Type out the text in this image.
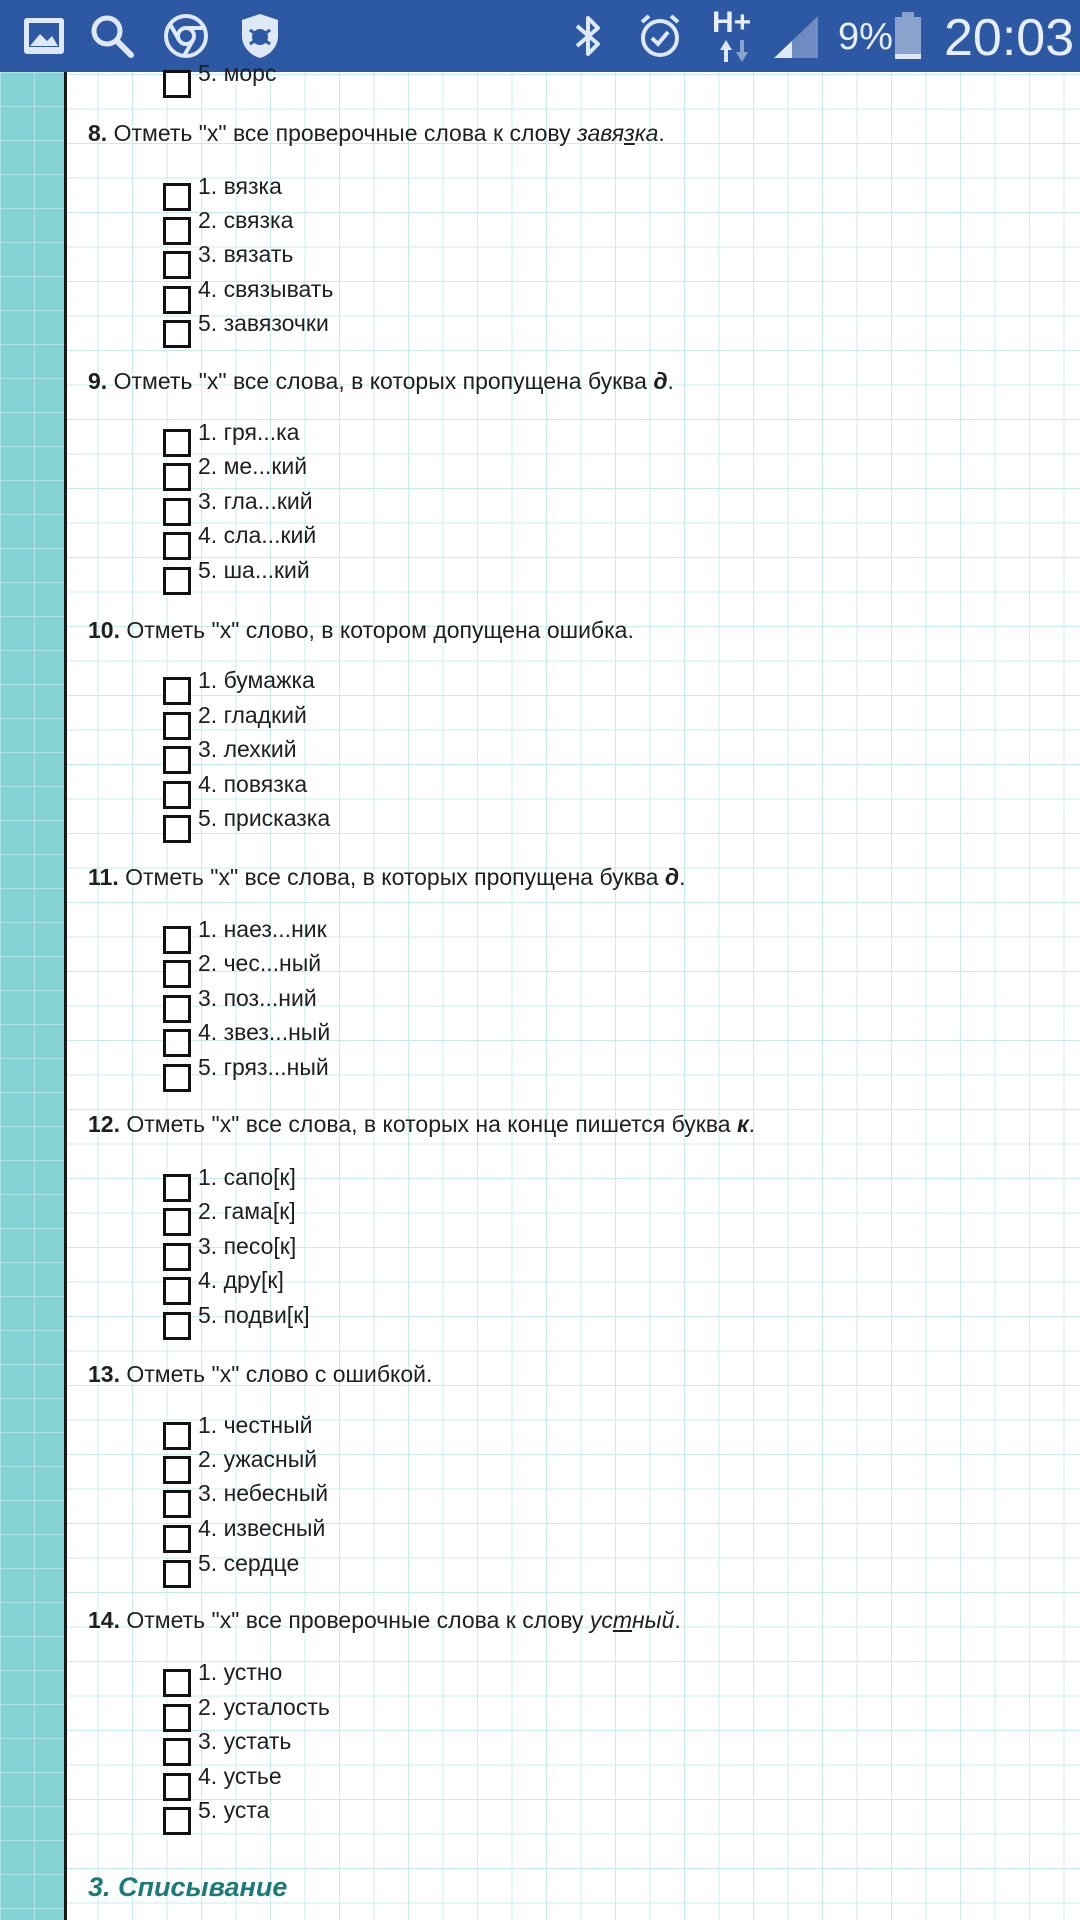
H+ 9% 20:03
5. морс
8. Отметь "х" все проверочные слова к слову завязка.
1. вязка
2. связка
3. вязать
4. связывать
5. завязочки
9. Отметь "х" все слова, в которых пропущена буква д.
1. гря...ка
2. ме...кий
3. гла...кий
4. сла...кий
5. ша...кий
10. Отметь "х" слово, в котором допущена ошибка.
1. бумажка
2. гладкий
3. лехкий
4. повязка
5. присказка
11. Отметь "х" все слова, в которых пропущена буква д.
1. наез...ник
2. чес...ный
3. поз...ний
4. звез...ный
5. гряз...ный
12. Отметь "х" все слова, в которых на конце пишется буква к.
1. сапо[к]
2. гама[к]
3. песо[к]
4. дру[к]
5. подви[к]
13. Отметь "х" слово с ошибкой.
1. честный
2. ужасный
3. небесный
4. извесный
5. сердце
14. Отметь "х" все проверочные слова к слову устный.
1. устно
2. усталость
3. устать
4. устье
5. уста
3. Списывание
